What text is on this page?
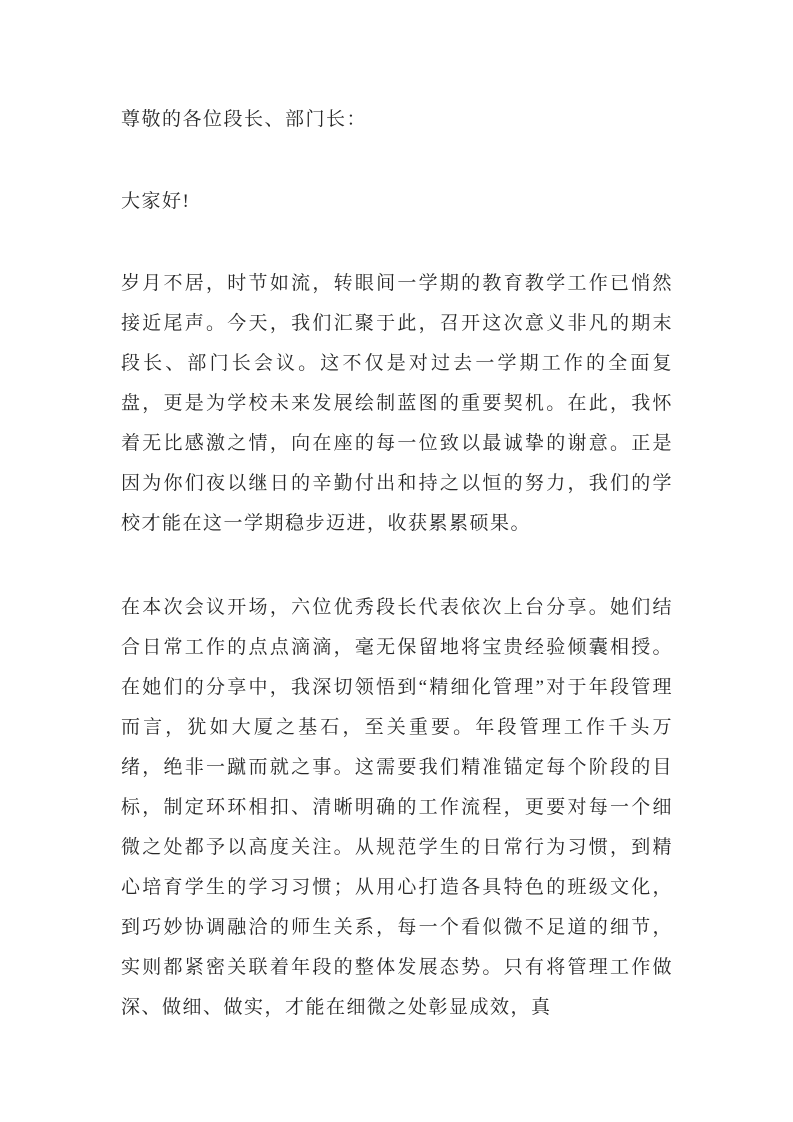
尊敬的各位段长、部门长：

大家好!

岁月不居，时节如流，转眼间一学期的教育教学工作已悄然接近尾声。今天，我们汇聚于此，召开这次意义非凡的期末段长、部门长会议。这不仅是对过去一学期工作的全面复盘，更是为学校未来发展绘制蓝图的重要契机。在此，我怀着无比感激之情，向在座的每一位致以最诚挚的谢意。正是因为你们夜以继日的辛勤付出和持之以恒的努力，我们的学校才能在这一学期稳步迈进，收获累累硕果。

在本次会议开场，六位优秀段长代表依次上台分享。她们结合日常工作的点点滴滴，毫无保留地将宝贵经验倾囊相授。在她们的分享中，我深切领悟到“精细化管理”对于年段管理而言，犹如大厦之基石，至关重要。年段管理工作千头万绪，绝非一蹴而就之事。这需要我们精准锚定每个阶段的目标，制定环环相扣、清晰明确的工作流程，更要对每一个细微之处都予以高度关注。从规范学生的日常行为习惯，到精心培育学生的学习习惯；从用心打造各具特色的班级文化，到巧妙协调融洽的师生关系，每一个看似微不足道的细节，实则都紧密关联着年段的整体发展态势。只有将管理工作做深、做细、做实，才能在细微之处彰显成效，真
